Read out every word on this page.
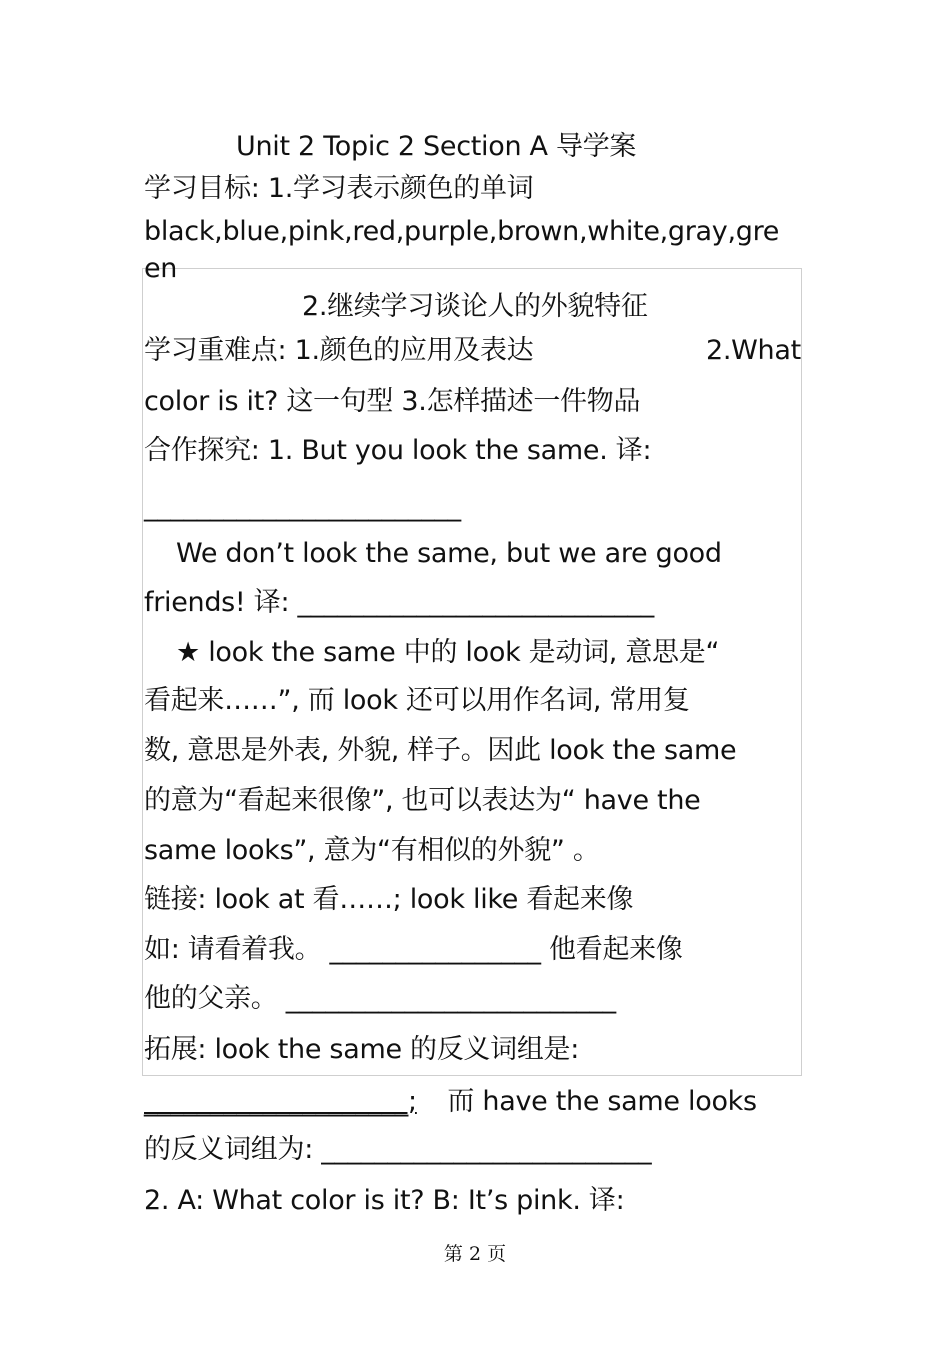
Unit 2 Topic 2 Section A 导学案
学习目标: 1.学习表示颜色的单词
black,blue,pink,red,purple,brown,white,gray,gre
en
2.继续学习谈论人的外貌特征
学习重难点: 1.颜色的应用及表达	2.What
color is it? 这一句型 3.怎样描述一件物品
合作探究: 1. But you look the same. 译:
________________________
We don’t look the same, but we are good
friends! 译: ___________________________
★ look the same 中的 look 是动词, 意思是“
看起来……”, 而 look 还可以用作名词, 常用复
数, 意思是外表, 外貌, 样子。因此 look the same
的意为“看起来很像”, 也可以表达为“ have the
same looks”, 意为“有相似的外貌” 。
链接: look at 看……; look like 看起来像
如: 请看着我。 ________________ 他看起来像
他的父亲。 _________________________
拓展: look the same 的反义词组是:
____________________; 而 have the same looks
的反义词组为: _________________________
2. A: What color is it? B: It’s pink. 译:
第 2 页
